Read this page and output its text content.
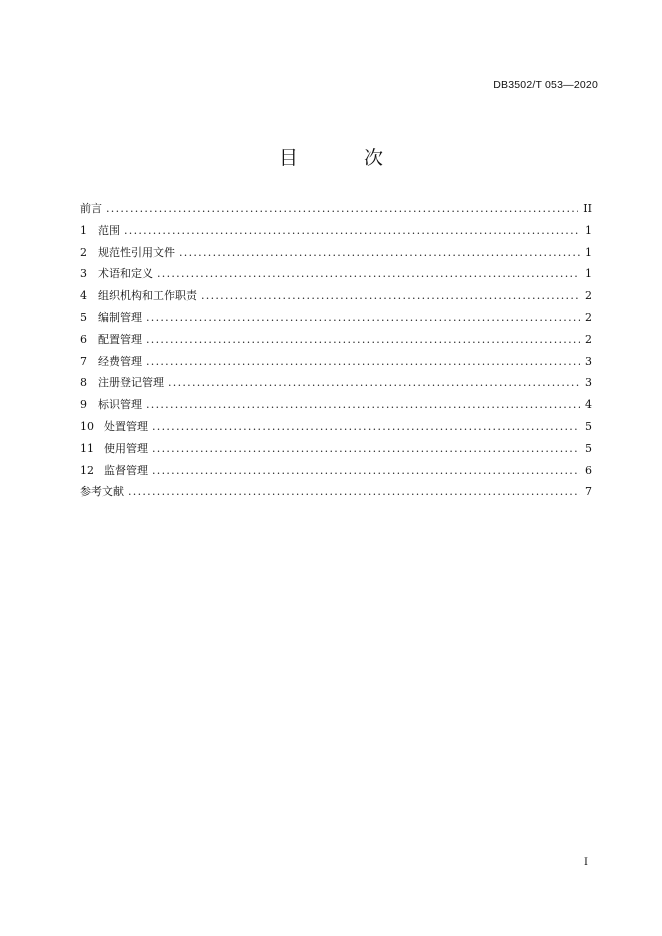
DB3502/T 053—2020
目 次
前言 .....	II
1	范围 .....	1
2	规范性引用文件 .....	1
3	术语和定义 .....	1
4	组织机构和工作职责 .....	2
5	编制管理 .....	2
6	配置管理 .....	2
7	经费管理 .....	3
8	注册登记管理 .....	3
9	标识管理 .....	4
10 处置管理 .....	5
11 使用管理 .....	5
12 监督管理 .....	6
参考文献 .....	7
I
